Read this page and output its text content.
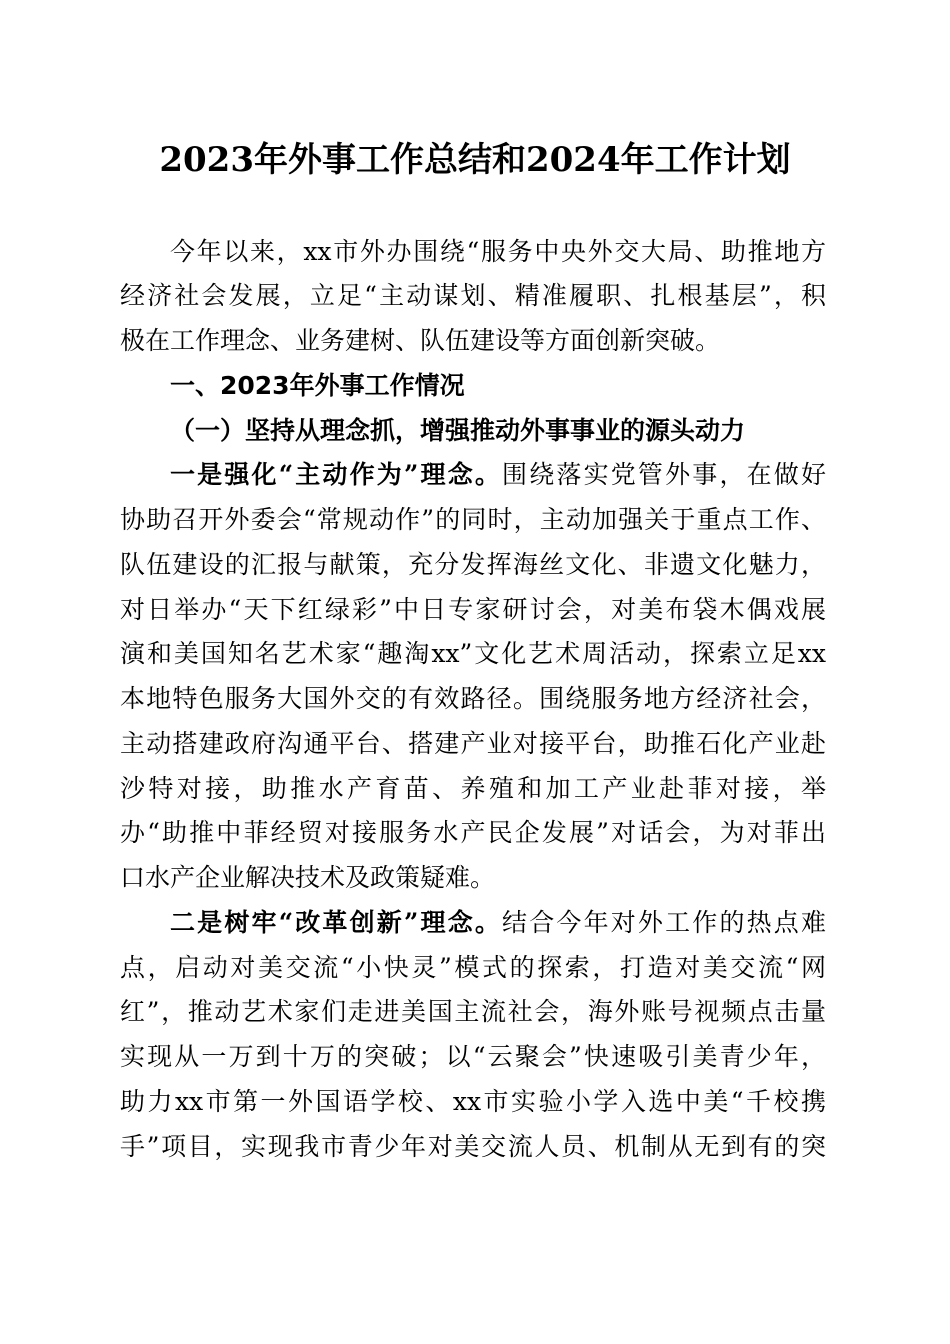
2023年外事工作总结和2024年工作计划
今年以来，xx市外办围绕“服务中央外交大局、助推地方
经济社会发展，立足“主动谋划、精准履职、扎根基层”，积
极在工作理念、业务建树、队伍建设等方面创新突破。
一、2023年外事工作情况
（一）坚持从理念抓，增强推动外事事业的源头动力
一是强化“主动作为”理念。围绕落实党管外事，在做好
协助召开外委会“常规动作”的同时，主动加强关于重点工作、
队伍建设的汇报与献策，充分发挥海丝文化、非遗文化魅力，
对日举办“天下红绿彩”中日专家研讨会，对美布袋木偶戏展
演和美国知名艺术家“趣淘xx”文化艺术周活动，探索立足xx
本地特色服务大国外交的有效路径。围绕服务地方经济社会，
主动搭建政府沟通平台、搭建产业对接平台，助推石化产业赴
沙特对接，助推水产育苗、养殖和加工产业赴菲对接，举
办“助推中菲经贸对接服务水产民企发展”对话会，为对菲出
口水产企业解决技术及政策疑难。
二是树牢“改革创新”理念。结合今年对外工作的热点难
点，启动对美交流“小快灵”模式的探索，打造对美交流“网
红”，推动艺术家们走进美国主流社会，海外账号视频点击量
实现从一万到十万的突破；以“云聚会”快速吸引美青少年，
助力xx市第一外国语学校、xx市实验小学入选中美“千校携
手”项目，实现我市青少年对美交流人员、机制从无到有的突
